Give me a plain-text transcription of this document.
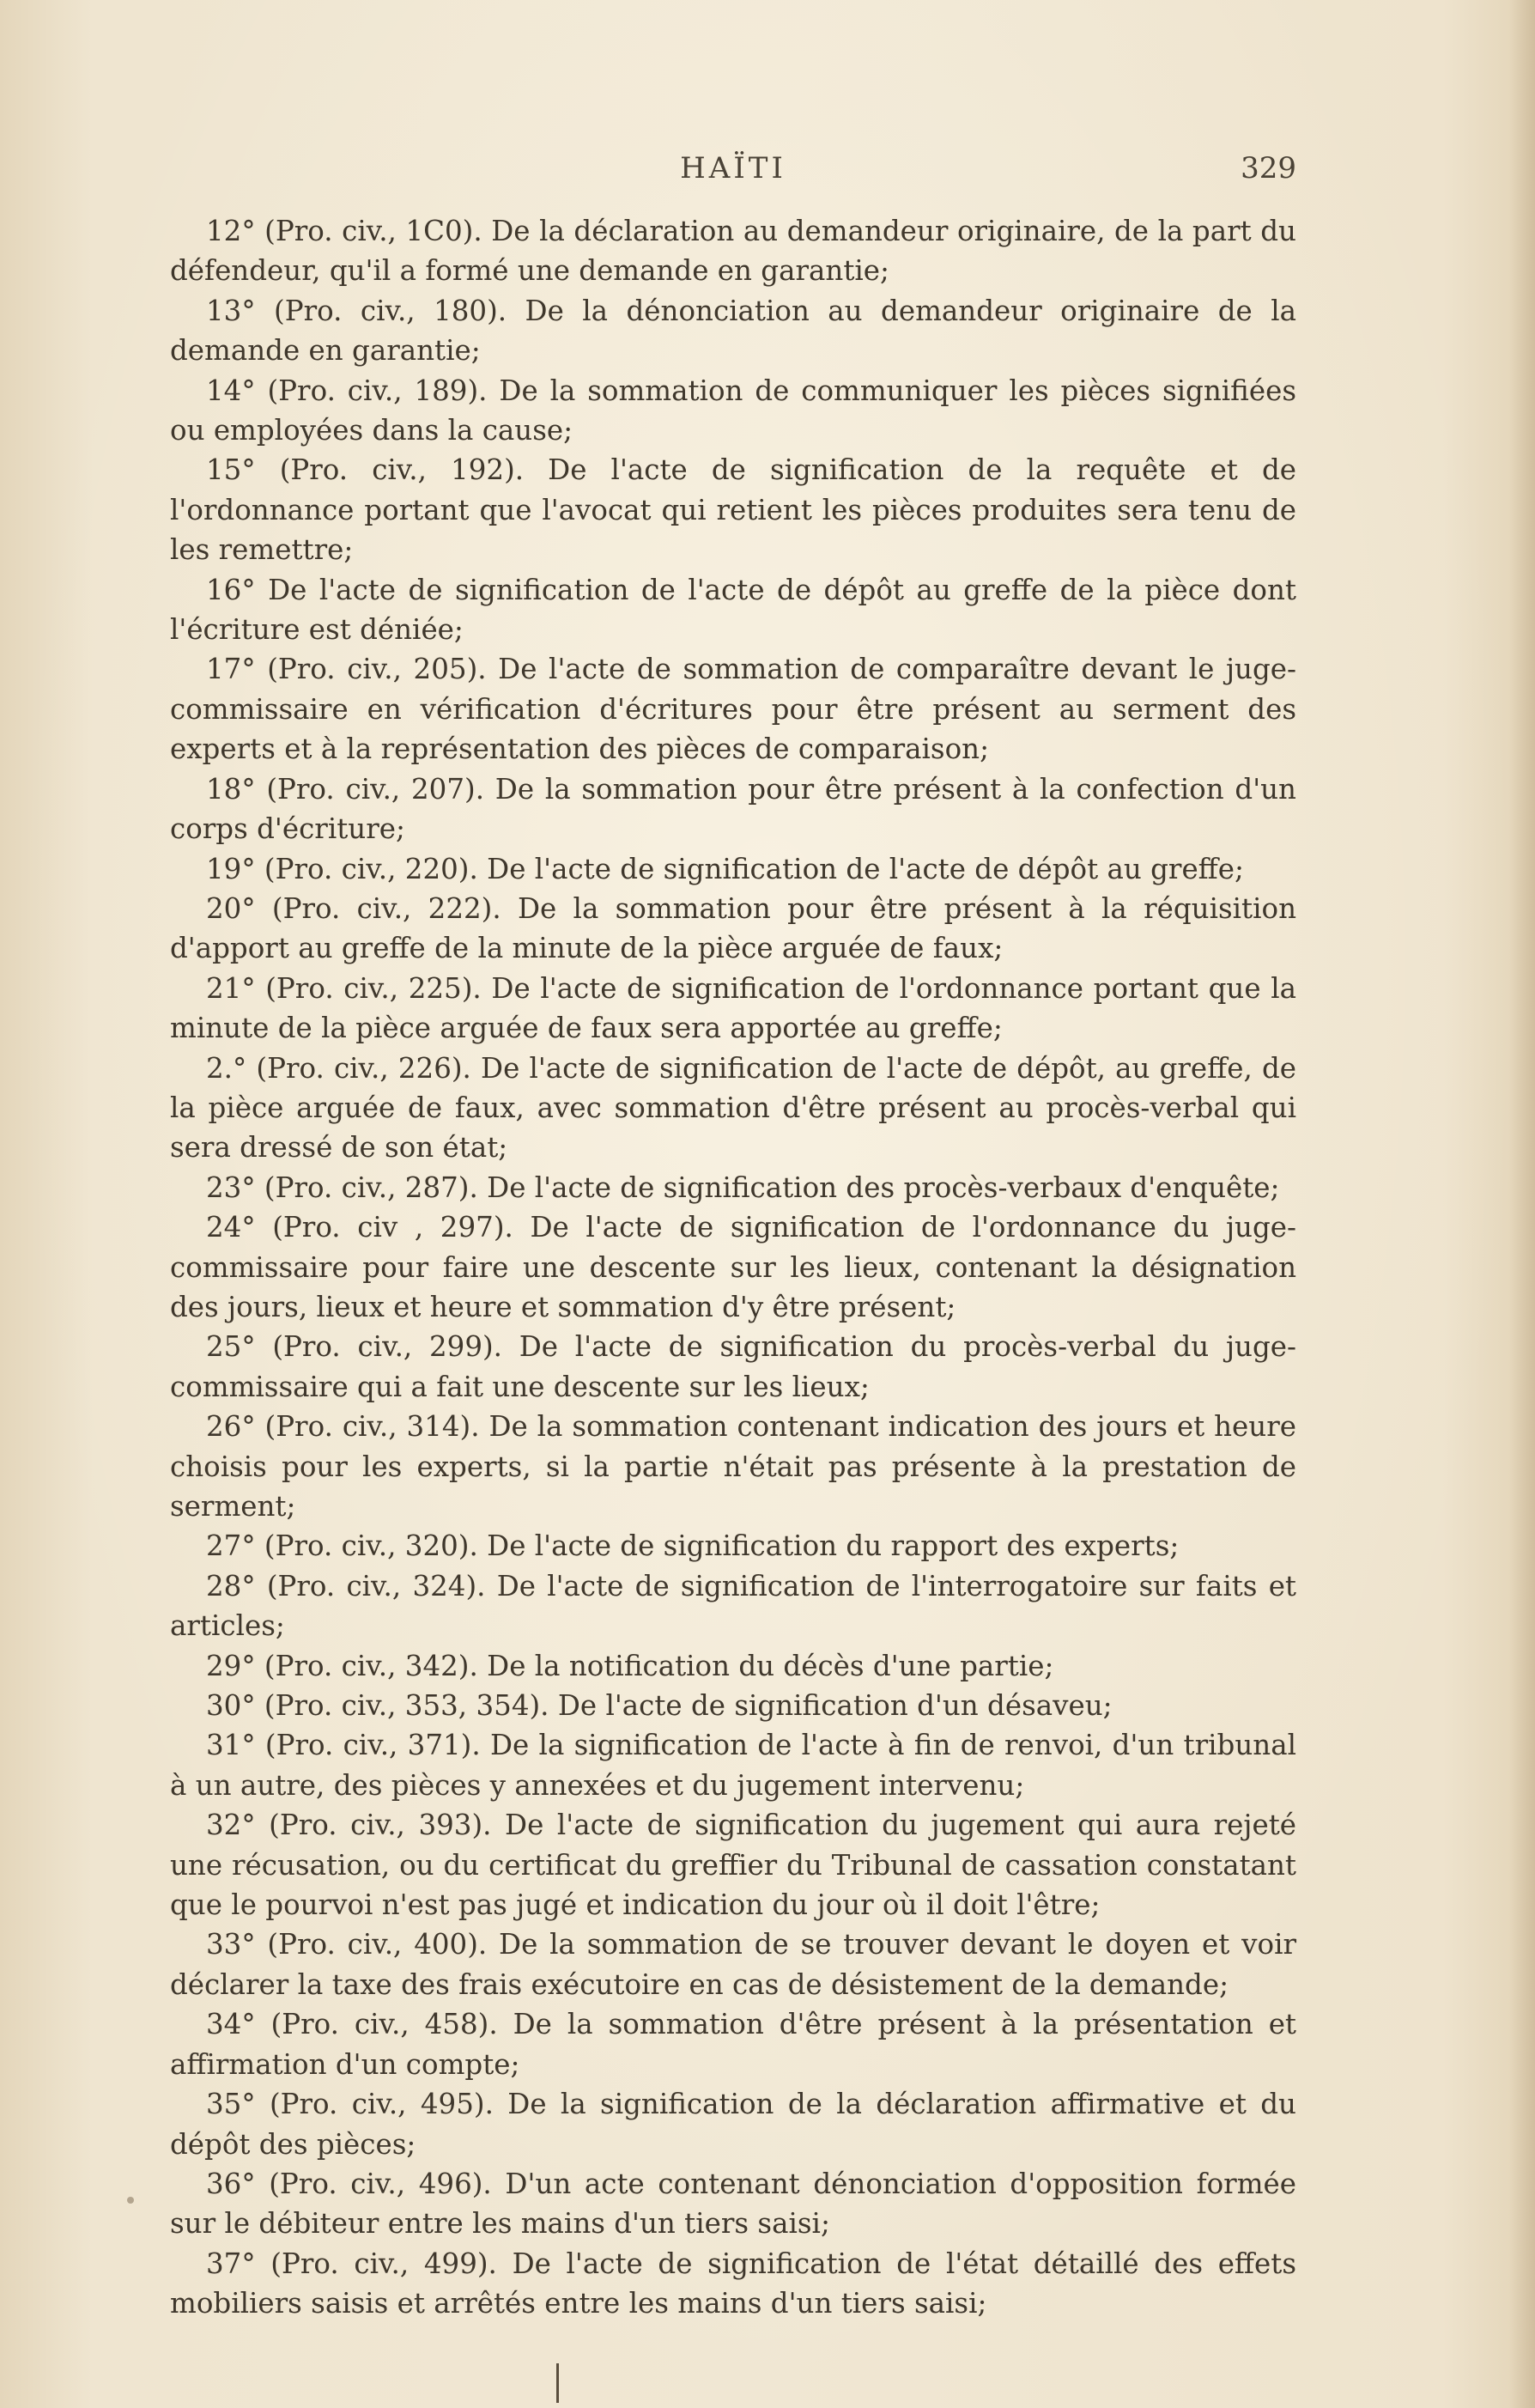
HAÏTI	329

12° (Pro. civ., 1C0). De la déclaration au demandeur originaire, de la part du défendeur, qu'il a formé une demande en garantie;

13° (Pro. civ., 180). De la dénonciation au demandeur originaire de la demande en garantie;

14° (Pro. civ., 189). De la sommation de communiquer les pièces signifiées ou employées dans la cause;

15° (Pro. civ., 192). De l'acte de signification de la requête et de l'ordonnance portant que l'avocat qui retient les pièces produites sera tenu de les remettre;

16° De l'acte de signification de l'acte de dépôt au greffe de la pièce dont l'écriture est déniée;

17° (Pro. civ., 205). De l'acte de sommation de comparaître devant le juge-commissaire en vérification d'écritures pour être présent au serment des experts et à la représentation des pièces de comparaison;

18° (Pro. civ., 207). De la sommation pour être présent à la confection d'un corps d'écriture;

19° (Pro. civ., 220). De l'acte de signification de l'acte de dépôt au greffe;

20° (Pro. civ., 222). De la sommation pour être présent à la réquisition d'apport au greffe de la minute de la pièce arguée de faux;

21° (Pro. civ., 225). De l'acte de signification de l'ordonnance portant que la minute de la pièce arguée de faux sera apportée au greffe;

2.° (Pro. civ., 226). De l'acte de signification de l'acte de dépôt, au greffe, de la pièce arguée de faux, avec sommation d'être présent au procès-verbal qui sera dressé de son état;

23° (Pro. civ., 287). De l'acte de signification des procès-verbaux d'enquête;

24° (Pro. civ , 297). De l'acte de signification de l'ordonnance du juge-commissaire pour faire une descente sur les lieux, contenant la désignation des jours, lieux et heure et sommation d'y être présent;

25° (Pro. civ., 299). De l'acte de signification du procès-verbal du juge-commissaire qui a fait une descente sur les lieux;

26° (Pro. civ., 314). De la sommation contenant indication des jours et heure choisis pour les experts, si la partie n'était pas présente à la prestation de serment;

27° (Pro. civ., 320). De l'acte de signification du rapport des experts;

28° (Pro. civ., 324). De l'acte de signification de l'interrogatoire sur faits et articles;

29° (Pro. civ., 342). De la notification du décès d'une partie;

30° (Pro. civ., 353, 354). De l'acte de signification d'un désaveu;

31° (Pro. civ., 371). De la signification de l'acte à fin de renvoi, d'un tribunal à un autre, des pièces y annexées et du jugement intervenu;

32° (Pro. civ., 393). De l'acte de signification du jugement qui aura rejeté une récusation, ou du certificat du greffier du Tribunal de cassation constatant que le pourvoi n'est pas jugé et indication du jour où il doit l'être;

33° (Pro. civ., 400). De la sommation de se trouver devant le doyen et voir déclarer la taxe des frais exécutoire en cas de désistement de la demande;

34° (Pro. civ., 458). De la sommation d'être présent à la présentation et affirmation d'un compte;

35° (Pro. civ., 495). De la signification de la déclaration affirmative et du dépôt des pièces;

36° (Pro. civ., 496). D'un acte contenant dénonciation d'opposition formée sur le débiteur entre les mains d'un tiers saisi;

37° (Pro. civ., 499). De l'acte de signification de l'état détaillé des effets mobiliers saisis et arrêtés entre les mains d'un tiers saisi;
